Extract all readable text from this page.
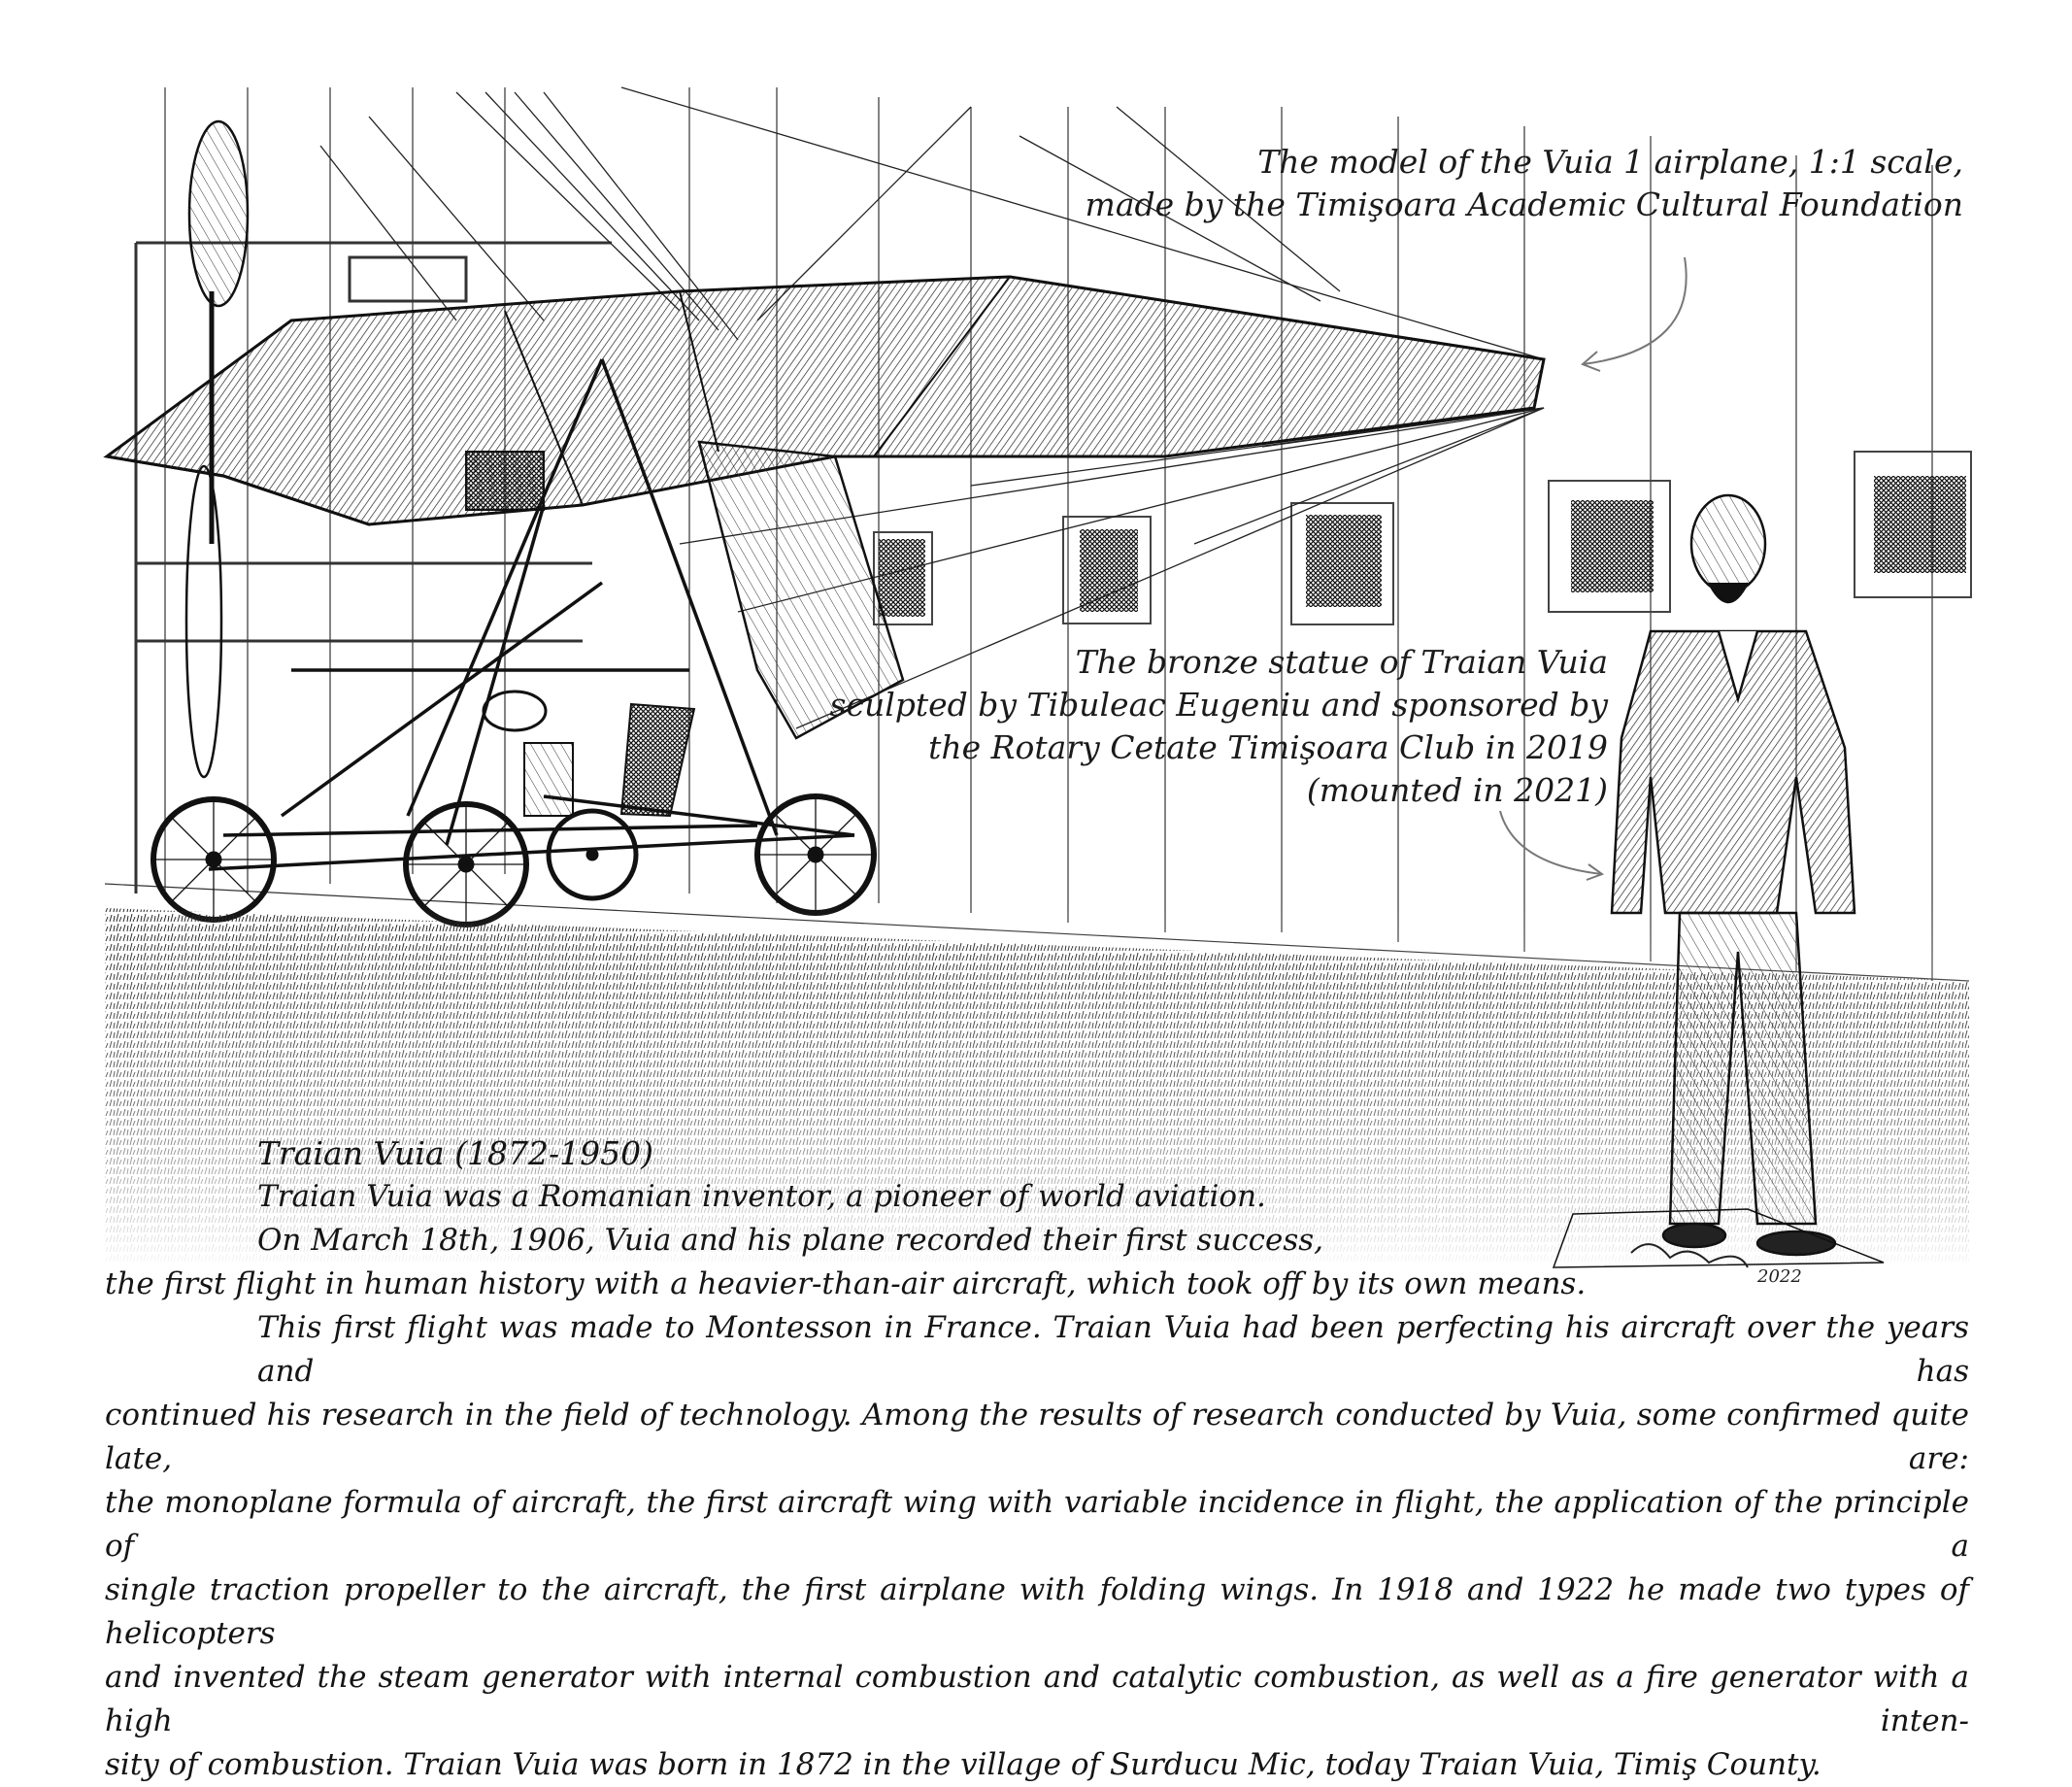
2022
The model of the Vuia 1 airplane, 1:1 scale,
made by the Timişoara Academic Cultural Foundation
The bronze statue of Traian Vuia
sculpted by Tibuleac Eugeniu and sponsored by
the Rotary Cetate Timişoara Club in 2019
(mounted in 2021)
Traian Vuia (1872-1950)
Traian Vuia was a Romanian inventor, a pioneer of world aviation.
On March 18th, 1906, Vuia and his plane recorded their first success,
the first flight in human history with a heavier-than-air aircraft, which took off by its own means.
This first flight was made to Montesson in France. Traian Vuia had been perfecting his aircraft over the years and has
continued his research in the field of technology. Among the results of research conducted by Vuia, some confirmed quite late, are:
the monoplane formula of aircraft, the first aircraft wing with variable incidence in flight, the application of the principle of a
single traction propeller to the aircraft, the first airplane with folding wings. In 1918 and 1922 he made two types of helicopters
and invented the steam generator with internal combustion and catalytic combustion, as well as a fire generator with a high inten-
sity of combustion. Traian Vuia was born in 1872 in the village of Surducu Mic, today Traian Vuia, Timiş County.
